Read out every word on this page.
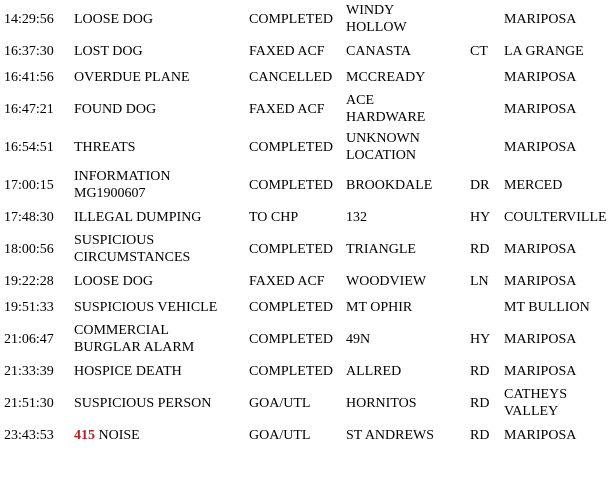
14:29:56	LOOSE DOG	COMPLETED	WINDY
HOLLOW		MARIPOSA
16:37:30	LOST DOG	FAXED ACF	CANASTA	CT	LA GRANGE
16:41:56	OVERDUE PLANE	CANCELLED	MCCREADY		MARIPOSA
16:47:21	FOUND DOG	FAXED ACF	ACE
HARDWARE		MARIPOSA
16:54:51	THREATS	COMPLETED	UNKNOWN
LOCATION		MARIPOSA
17:00:15	INFORMATION
MG1900607	COMPLETED	BROOKDALE	DR	MERCED
17:48:30	ILLEGAL DUMPING	TO CHP	132	HY	COULTERVILLE
18:00:56	SUSPICIOUS
CIRCUMSTANCES	COMPLETED	TRIANGLE	RD	MARIPOSA
19:22:28	LOOSE DOG	FAXED ACF	WOODVIEW	LN	MARIPOSA
19:51:33	SUSPICIOUS VEHICLE	COMPLETED	MT OPHIR		MT BULLION
21:06:47	COMMERCIAL
BURGLAR ALARM	COMPLETED	49N	HY	MARIPOSA
21:33:39	HOSPICE DEATH	COMPLETED	ALLRED	RD	MARIPOSA
21:51:30	SUSPICIOUS PERSON	GOA/UTL	HORNITOS	RD	CATHEYS
VALLEY
23:43:53	415 NOISE	GOA/UTL	ST ANDREWS	RD	MARIPOSA
